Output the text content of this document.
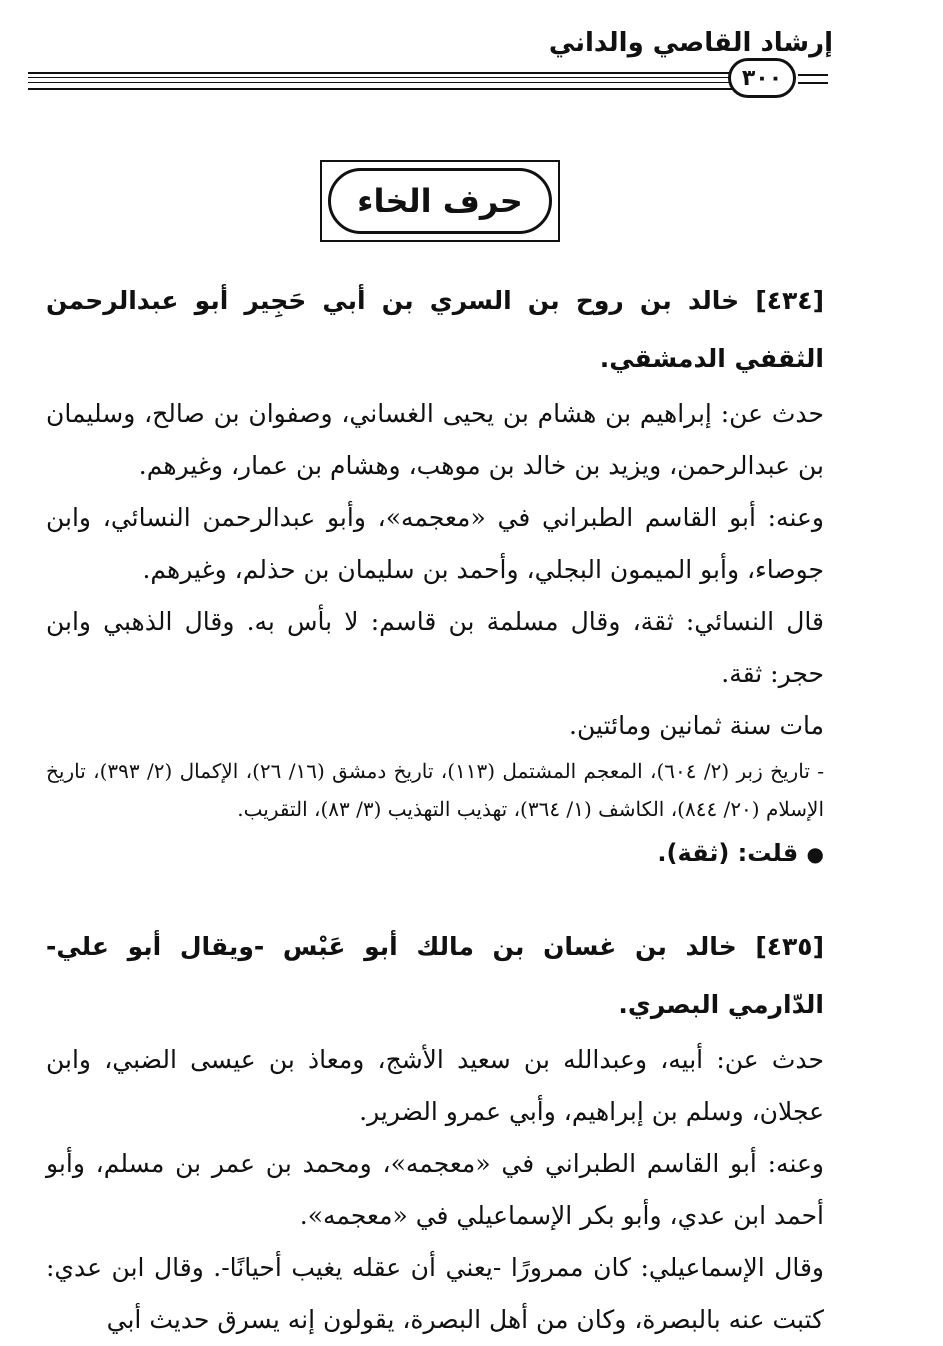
إرشاد القاصي والداني
٣٠٠
حرف الخاء
[٤٣٤] خالد بن روح بن السري بن أبي حَجِير أبو عبدالرحمن الثقفي الدمشقي.
حدث عن: إبراهيم بن هشام بن يحيى الغساني، وصفوان بن صالح، وسليمان بن عبدالرحمن، ويزيد بن خالد بن موهب، وهشام بن عمار، وغيرهم.
وعنه: أبو القاسم الطبراني في «معجمه»، وأبو عبدالرحمن النسائي، وابن جوصاء، وأبو الميمون البجلي، وأحمد بن سليمان بن حذلم، وغيرهم.
قال النسائي: ثقة، وقال مسلمة بن قاسم: لا بأس به. وقال الذهبي وابن حجر: ثقة.
مات سنة ثمانين ومائتين.
- تاريخ زبر (٢/ ٦٠٤)، المعجم المشتمل (١١٣)، تاريخ دمشق (١٦/ ٢٦)، الإكمال (٢/ ٣٩٣)، تاريخ الإسلام (٢٠/ ٨٤٤)، الكاشف (١/ ٣٦٤)، تهذيب التهذيب (٣/ ٨٣)، التقريب.
● قلت: (ثقة).
[٤٣٥] خالد بن غسان بن مالك أبو عَبْس -ويقال أبو علي- الدّارمي البصري.
حدث عن: أبيه، وعبدالله بن سعيد الأشج، ومعاذ بن عيسى الضبي، وابن عجلان، وسلم بن إبراهيم، وأبي عمرو الضرير.
وعنه: أبو القاسم الطبراني في «معجمه»، ومحمد بن عمر بن مسلم، وأبو أحمد ابن عدي، وأبو بكر الإسماعيلي في «معجمه».
وقال الإسماعيلي: كان ممرورًا -يعني أن عقله يغيب أحيانًا-. وقال ابن عدي: كتبت عنه بالبصرة، وكان من أهل البصرة، يقولون إنه يسرق حديث أبي
